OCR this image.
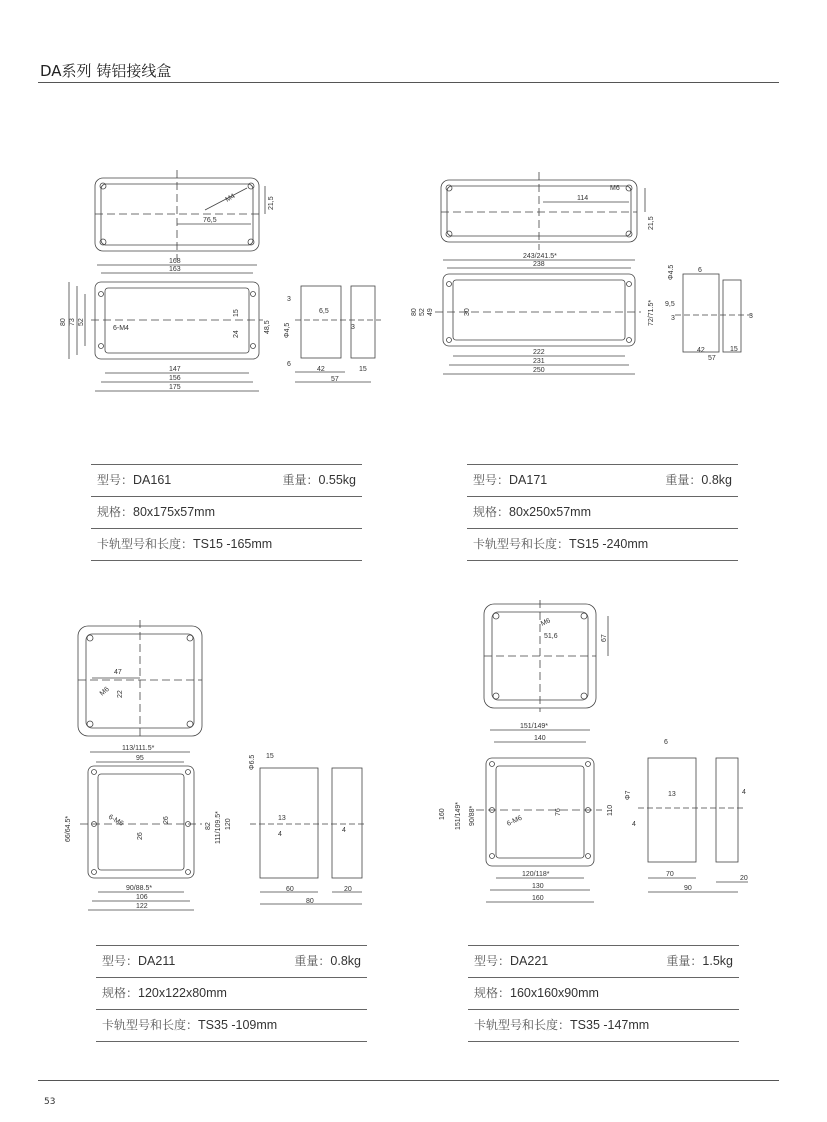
DA系列 铸铝接线盒
M4
76,5
21,5
168
163
80 73 52
6-M4
24
15
48,5
147
156
175
3
6,5
3
Φ4,5
6
42	15
57
M6
114
21,5
243/241.5*
238
80 52 49	30	72/71.5*
222
231
250
Φ4.5	6
9,5
3	3
42	15
57
47
M6 22
113/111.5*
95
66/64.5*	6-M6	26
26
82 111/109.5* 120
90/88.5*
106
122
Φ6.5 15
13
4
4
60	20
80
M6
51,6	67
151/149*
140
160 151/149* 90/88*	6-M6
76	110
120/118*
130
160
Φ7
6
13
4
4
70
20
90
型号：DA161	重量：0.55kg
规格：80x175x57mm
卡轨型号和长度：TS15 -165mm
型号：DA171	重量：0.8kg
规格：80x250x57mm
卡轨型号和长度：TS15 -240mm
型号：DA211	重量：0.8kg
规格：120x122x80mm
卡轨型号和长度：TS35 -109mm
型号：DA221	重量：1.5kg
规格：160x160x90mm
卡轨型号和长度：TS35 -147mm
53
